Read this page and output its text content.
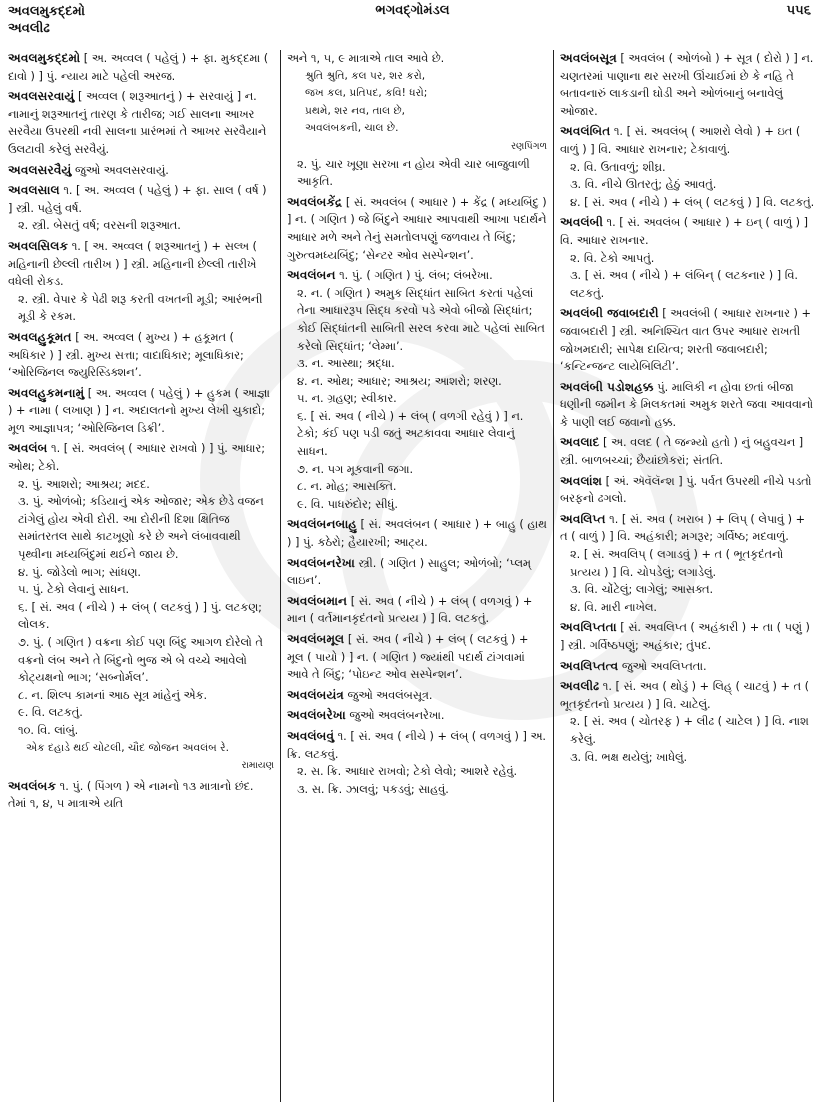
અવલમુકદ્દમો
અવલીઢ
ભગવદ્ગોમંડલ	૫૫૬
અવલમુકદ્દમો [ અ. અવ્વલ ( પહેલું ) + ફા. મુકદ્દમા ( દાવો ) ] પું. ન્યાય માટે પહેલી અરજ.
અવલસરવાયું [ અવ્વલ ( શરૂઆતનું ) + સરવાયું ] ન. નામાનું શરૂઆતનું તારણ કે તારીજ; ગઈ સાલના આખર સરવૈયા ઉપરથી નવી સાલના પ્રારંભમાં તે આખર સરવૈયાને ઉલટાવી કરેલું સરવૈયું.
અવલસરવૈયું જુઓ અવલસરવાયું.
અવલસાલ ૧. [ અ. અવ્વલ ( પહેલું ) + ફા. સાલ ( વર્ષ ) ] સ્ત્રી. પહેલું વર્ષ.
૨. સ્ત્રી. બેસતું વર્ષ; વરસની શરૂઆત.
અવલસિલક ૧. [ અ. અવ્વલ ( શરૂઆતનું ) + સલ્ખ ( મહિનાની છેલ્લી તારીખ ) ] સ્ત્રી. મહિનાની છેલ્લી તારીખે વધેલી રોકડ.
૨. સ્ત્રી. વેપાર કે પેઢી શરૂ કરતી વખતની મૂડી; આરંભની મૂડી કે રકમ.
અવલહુકૂમત [ અ. અવ્વલ ( મુખ્ય ) + હકૂમત ( અધિકાર ) ] સ્ત્રી. મુખ્ય સત્તા; વાદાધિકાર; મૂલાધિકાર; ‘ઓરિજિનલ જ્યુરિસ્ડિક્શન’.
અવલહુકમનામું [ અ. અવ્વલ ( પહેલું ) + હુકમ ( આજ્ઞા ) + નામા ( લખાણ ) ] ન. અદાલતનો મુખ્ય લેખી ચુકાદો; મૂળ આજ્ઞાપત્ર; ‘ઓરિજિનલ ડિક્રી’.
અવલંબ ૧. [ સં. અવલંબ્ ( આધાર રાખવો ) ] પું. આધાર; ઓથ; ટેકો.
૨. પું. આશરો; આશ્રય; મદદ.
૩. પું. ઓળંબો; કડિયાનું એક ઓજાર; એક છેડે વજન ટાંગેલું હોય એવી દોરી. આ દોરીની દિશા ક્ષિતિજ સમાંતરતલ સાથે કાટખૂણો કરે છે અને લંબાવવાથી પૃથ્વીના મધ્યબિંદુમાં થઈને જાય છે.
૪. પું. જોડેલો ભાગ; સાંધણ.
૫. પું. ટેકો લેવાનું સાધન.
૬. [ સં. અવ ( નીચે ) + લંબ્ ( લટકવું ) ] પું. લટકણ; લોલક.
૭. પું. ( ગણિત ) વક્રના કોઈ પણ બિંદુ આગળ દોરેલો તે વક્રનો લંબ અને તે બિંદુનો ભુજ એ બે વચ્ચે આવેલો કોટ્યક્ષનો ભાગ; ‘સબ્નોર્મલ’.
૮. ન. શિલ્પ કામનાં આઠ સૂત્ર માંહેનું એક.
૯. વિ. લટકતું.
૧૦. વિ. લાંબું.
એક દહાડે થઈ ચોટલી, ચૌદ જોજન અવલંબ રે.
રામાયણ
અવલંબક ૧. પું. ( પિંગળ ) એ નામનો ૧૩ માત્રાનો છંદ. તેમાં ૧, ૪, ૫ માત્રાએ યતિ
અને ૧, ૫, ૯ માત્રાએ તાલ આવે છે.
શ્રુતિ શ્રુતિ, કલ પર, શર કરો,
જખ કલ, પ્રતિપદ, કવિ! ધરો;
પ્રથમે, શર નવ, તાલ છે,
અવલંબકની, ચાલ છે.
રણપિંગળ
૨. પું. ચાર ખૂણા સરખા ન હોય એવી ચાર બાજુવાળી આકૃતિ.
અવલંબકેંદ્ર [ સં. અવલંબ ( આધાર ) + કેંદ્ર ( મધ્યબિંદુ ) ] ન. ( ગણિત ) જે બિંદુને આધાર આપવાથી આખા પદાર્થને આધાર મળે અને તેનું સમતોલપણું જળવાય તે બિંદુ; ગુરુત્વમધ્યબિંદુ; ‘સેન્ટર ઓવ સસ્પેન્શન’.
અવલંબન ૧. પું. ( ગણિત ) પું. લંબ; લંબરેખા.
૨. ન. ( ગણિત ) અમુક સિદ્ધાંત સાબિત કરતાં પહેલાં તેના આધારરૂપ સિદ્ધ કરવો પડે એવો બીજો સિદ્ધાંત; કોઈ સિદ્ધાંતની સાબિતી સરલ કરવા માટે પહેલાં સાબિત કરેલો સિદ્ધાંત; ‘લેમ્મા’.
૩. ન. આસ્થા; શ્રદ્ધા.
૪. ન. ઓથ; આધાર; આશ્રય; આશરો; શરણ.
૫. ન. ગ્રહણ; સ્વીકાર.
૬. [ સં. અવ ( નીચે ) + લંબ્ ( વળગી રહેવું ) ] ન. ટેકો; કંઈ પણ પડી જતું અટકાવવા આધાર લેવાનું સાધન.
૭. ન. પગ મૂકવાની જગા.
૮. ન. મોહ; આસક્તિ.
૯. વિ. પાધરુંદોર; સીધું.
અવલંબનબાહુ [ સં. અવલંબન ( આધાર ) + બાહુ ( હાથ ) ] પું. કઠેરો; હૈયારખી; આટ્ય.
અવલંબનરેખા સ્ત્રી. ( ગણિત ) સાહુલ; ઓળંબો; ‘પ્લમ્ લાઇન’.
અવલંબમાન [ સં. અવ ( નીચે ) + લંબ્ ( વળગવું ) + માન ( વર્તમાનકૃદંતનો પ્રત્યય ) ] વિ. લટકતું.
અવલંબમૂલ [ સં. અવ ( નીચે ) + લંબ્ ( લટકવું ) + મૂલ ( પાયો ) ] ન. ( ગણિત ) જ્યાંથી પદાર્થ ટાંગવામાં આવે તે બિંદુ; ‘પોઇન્ટ ઓવ સસ્પેન્શન’.
અવલંબયંત્ર જુઓ અવલંબસૂત્ર.
અવલંબરેખા જુઓ અવલંબનરેખા.
અવલંબવું ૧. [ સં. અવ ( નીચે ) + લંબ્ ( વળગવું ) ] અ. ક્રિ. લટકવું.
૨. સ. ક્રિ. આધાર રાખવો; ટેકો લેવો; આશરે રહેવું.
૩. સ. ક્રિ. ઝાલવું; પકડવું; સાહવું.
અવલંબસૂત્ર [ અવલંબ ( ઓળંબો ) + સૂત્ર ( દોરો ) ] ન. ચણતરમાં પાણાના થર સરખી ઊંચાઈમાં છે કે નહિ તે બતાવનારું લાકડાની ઘોડી અને ઓળંબાનું બનાવેલું ઓજાર.
અવલંબિત ૧. [ સં. અવલંબ્ ( આશરો લેવો ) + ઇત ( વાળું ) ] વિ. આધાર રાખનાર; ટેકાવાળું.
૨. વિ. ઉતાવળું; શીઘ્ર.
૩. વિ. નીચે ઊતરતું; હેઠું આવતું.
૪. [ સં. અવ ( નીચે ) + લંબ્ ( લટકવું ) ] વિ. લટકતું.
અવલંબી ૧. [ સં. અવલંબ ( આધાર ) + ઇન્ ( વાળું ) ] વિ. આધાર રાખનાર.
૨. વિ. ટેકો આપતું.
૩. [ સં. અવ ( નીચે ) + લંબિન્ ( લટકનાર ) ] વિ. લટકતું.
અવલંબી જવાબદારી [ અવલંબી ( આધાર રાખનાર ) + જવાબદારી ] સ્ત્રી. અનિશ્ચિત વાત ઉપર આધાર રાખતી જોખમદારી; સાપેક્ષ દાયિત્વ; શરતી જવાબદારી; ‘કન્ટિન્જન્ટ લાયેબિલિટી’.
અવલંબી પડોશહક્ક પું. માલિકી ન હોવા છતાં બીજા ધણીની જમીન કે મિલકતમાં અમુક શરતે જવા આવવાનો કે પાણી લઈ જવાનો હક્ક.
અવલાદ [ અ. વલદ ( તે જન્મ્યો હતો ) નું બહુવચન ] સ્ત્રી. બાળબચ્ચાં; છૈયાંછોકરાં; સંતતિ.
અવલાંશ [ અં. ઍવૅલૅન્શ ] પું. પર્વત ઉપરથી નીચે પડતો બરફનો ઢગલો.
અવલિપ્ત ૧. [ સં. અવ ( ખરાબ ) + લિપ્ ( લેપાવું ) + ત ( વાળું ) ] વિ. અહંકારી; મગરૂર; ગર્વિષ્ઠ; મદવાળું.
૨. [ સં. અવલિપ્ ( લગાડવું ) + ત ( ભૂતકૃદંતનો પ્રત્યય ) ] વિ. ચોપડેલું; લગાડેલું.
૩. વિ. ચોંટેલું; લાગેલું; આસક્ત.
૪. વિ. મારી નાખેલ.
અવલિપ્તતા [ સં. અવલિપ્ત ( અહંકારી ) + તા ( પણું ) ] સ્ત્રી. ગર્વિષ્ઠપણું; અહંકાર; તુંપદ.
અવલિપ્તત્વ જુઓ અવલિપ્તતા.
અવલીઢ ૧. [ સં. અવ ( થોડું ) + લિહ્ ( ચાટવું ) + ત ( ભૂતકૃદંતનો પ્રત્યય ) ] વિ. ચાટેલું.
૨. [ સં. અવ ( ચોતરફ ) + લીઢ ( ચાટેલ ) ] વિ. નાશ કરેલું.
૩. વિ. ભક્ષ થયેલું; ખાધેલું.
